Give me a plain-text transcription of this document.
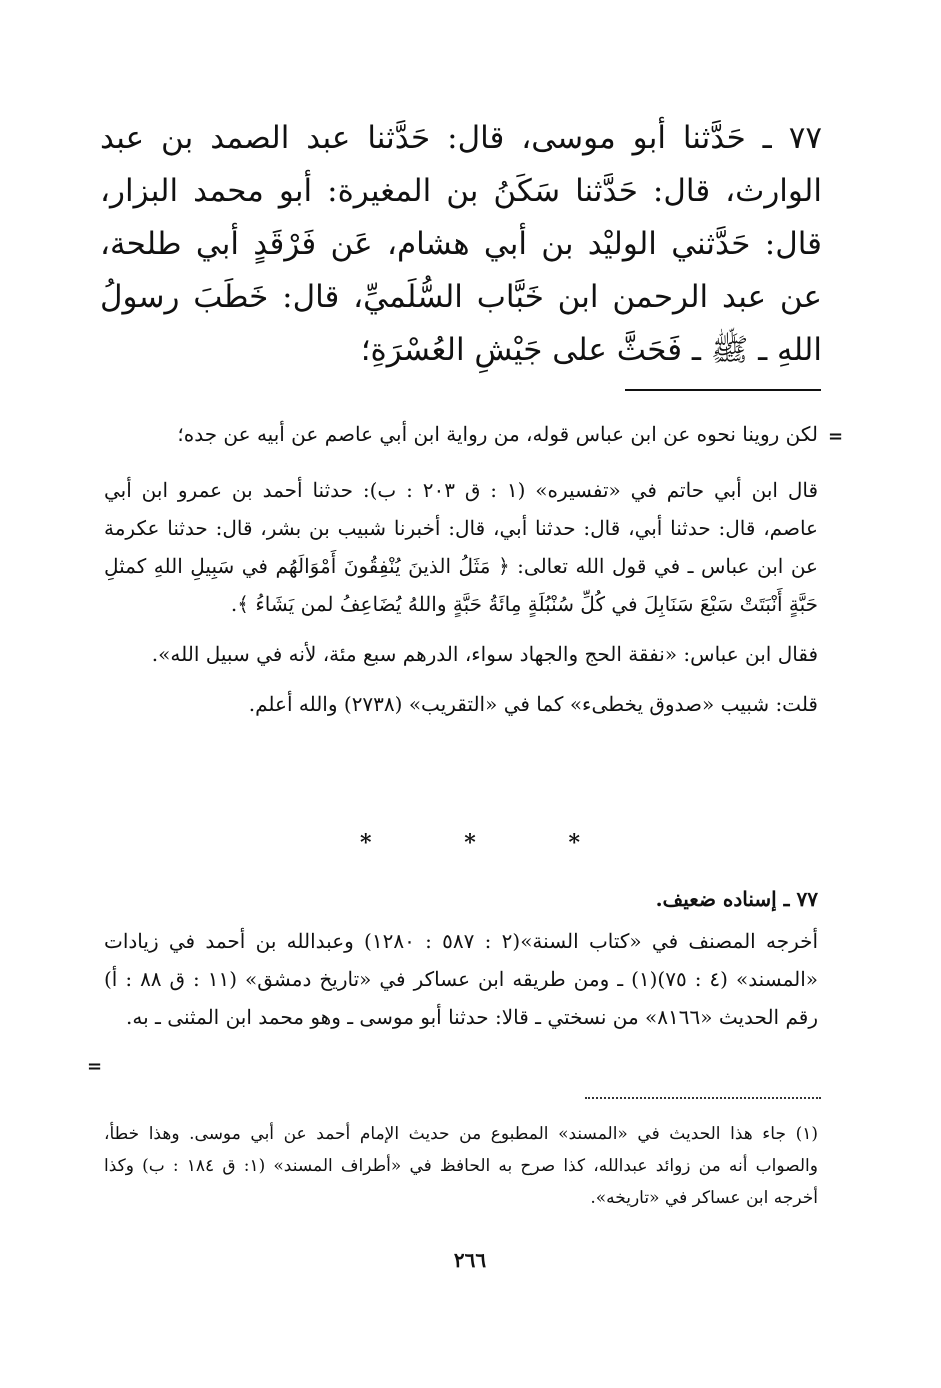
٧٧ ـ حَدَّثنا أبو موسى، قال: حَدَّثنا عبد الصمد بن عبد الوارث، قال: حَدَّثنا سَكَنُ بن المغيرة: أبو محمد البزار، قال: حَدَّثني الوليْد بن أبي هشام، عَن فَرْقَدٍ أبي طلحة، عن عبد الرحمن ابن خَبَّاب السُّلَميِّ، قال: خَطَبَ رسولُ اللهِ ـ ﷺ ـ فَحَثَّ على جَيْشِ العُسْرَةِ؛

=

لكن روينا نحوه عن ابن عباس قوله، من رواية ابن أبي عاصم عن أبيه عن جده؛

قال ابن أبي حاتم في «تفسيره» (١ : ق ٢٠٣ : ب): حدثنا أحمد بن عمرو ابن أبي عاصم، قال: حدثنا أبي، قال: حدثنا أبي، قال: أخبرنا شبيب بن بشر، قال: حدثنا عكرمة عن ابن عباس ـ في قول الله تعالى: ﴿ مَثَلُ الذينَ يُنْفِقُونَ أَمْوَالَهُم في سَبِيلِ اللهِ كمثلِ حَبَّةٍ أَنْبَتَتْ سَبْعَ سَنَابِلَ في كُلِّ سُنْبُلَةٍ مِائَةُ حَبَّةٍ واللهُ يُضَاعِفُ لمن يَشَاءُ ﴾.

فقال ابن عباس: «نفقة الحج والجهاد سواء، الدرهم سبع مئة، لأنه في سبيل الله».

قلت: شبيب «صدوق يخطىء» كما في «التقريب» (٢٧٣٨) والله أعلم.

*	*	*

٧٧ ـ إسناده ضعيف.

أخرجه المصنف في «كتاب السنة»(٢ : ٥٨٧ : ١٢٨٠) وعبدالله بن أحمد في زيادات «المسند» (٤ : ٧٥)(١) ـ ومن طريقه ابن عساكر في «تاريخ دمشق» (١١ : ق ٨٨ : أ) رقم الحديث «٨١٦٦» من نسختي ـ قالا: حدثنا أبو موسى ـ وهو محمد ابن المثنى ـ به.

=

(١) جاء هذا الحديث في «المسند» المطبوع من حديث الإمام أحمد عن أبي موسى. وهذا خطأ، والصواب أنه من زوائد عبدالله، كذا صرح به الحافظ في «أطراف المسند» (١: ق ١٨٤ : ب) وكذا أخرجه ابن عساكر في «تاريخه».

٢٦٦
